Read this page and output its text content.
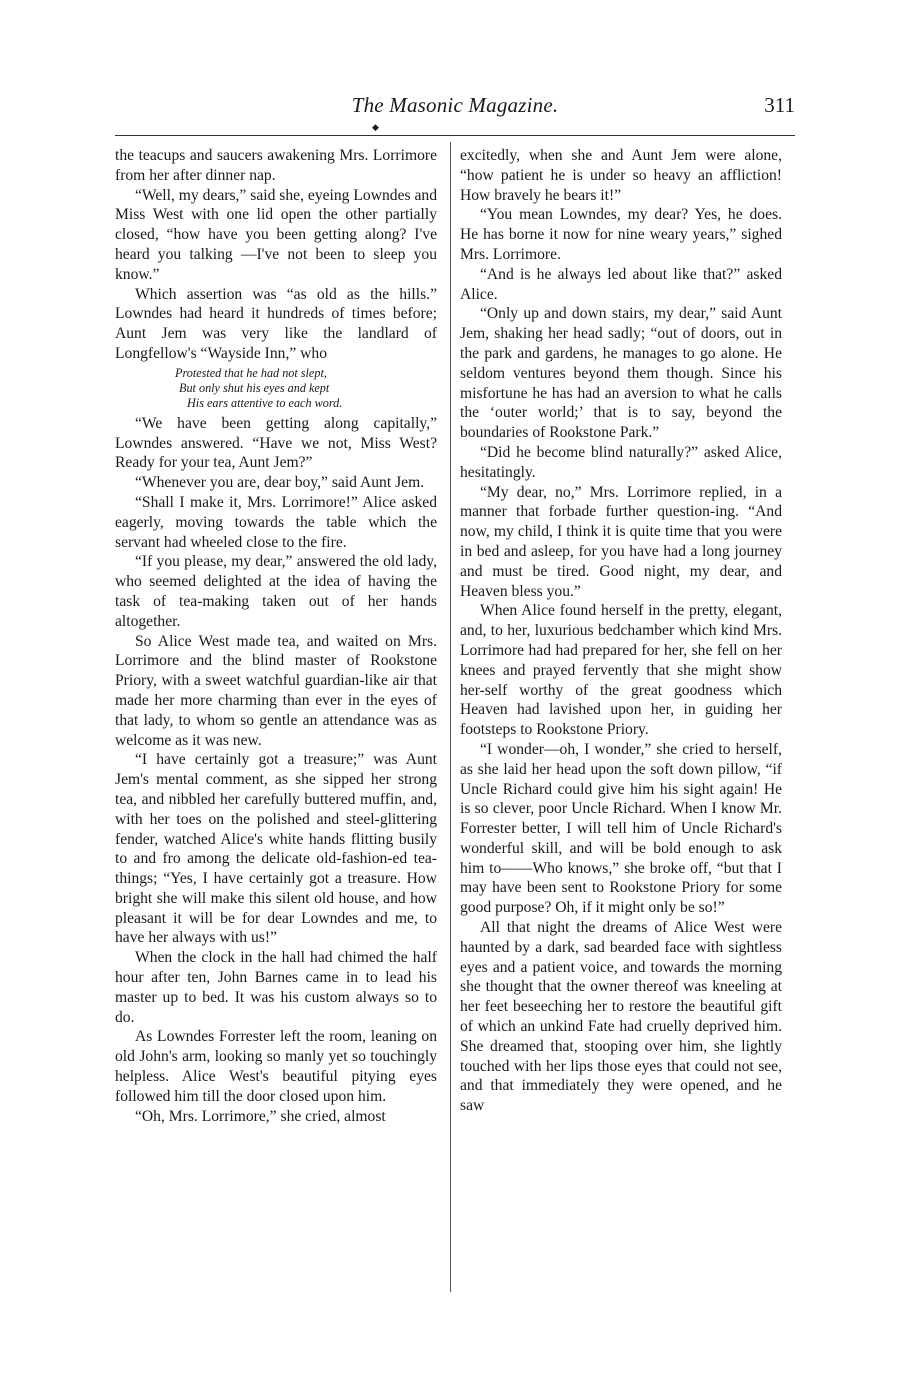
The Masonic Magazine.	311
◆

the teacups and saucers awakening Mrs. Lorrimore from her after dinner nap.

“Well, my dears,” said she, eyeing Lowndes and Miss West with one lid open the other partially closed, “how have you been getting along? I've heard you talking —I've not been to sleep you know.”

Which assertion was “as old as the hills.” Lowndes had heard it hundreds of times before; Aunt Jem was very like the landlard of Longfellow's “Wayside Inn,” who

Protested that he had not slept,
But only shut his eyes and kept
His ears attentive to each word.

“We have been getting along capitally,” Lowndes answered. “Have we not, Miss West? Ready for your tea, Aunt Jem?”

“Whenever you are, dear boy,” said Aunt Jem.

“Shall I make it, Mrs. Lorrimore!” Alice asked eagerly, moving towards the table which the servant had wheeled close to the fire.

“If you please, my dear,” answered the old lady, who seemed delighted at the idea of having the task of tea-making taken out of her hands altogether.

So Alice West made tea, and waited on Mrs. Lorrimore and the blind master of Rookstone Priory, with a sweet watchful guardian-like air that made her more charming than ever in the eyes of that lady, to whom so gentle an attendance was as welcome as it was new.

“I have certainly got a treasure;” was Aunt Jem's mental comment, as she sipped her strong tea, and nibbled her carefully buttered muffin, and, with her toes on the polished and steel-glittering fender, watched Alice's white hands flitting busily to and fro among the delicate old-fashion-ed tea-things; “Yes, I have certainly got a treasure. How bright she will make this silent old house, and how pleasant it will be for dear Lowndes and me, to have her always with us!”

When the clock in the hall had chimed the half hour after ten, John Barnes came in to lead his master up to bed. It was his custom always so to do.

As Lowndes Forrester left the room, leaning on old John's arm, looking so manly yet so touchingly helpless. Alice West's beautiful pitying eyes followed him till the door closed upon him.

“Oh, Mrs. Lorrimore,” she cried, almost

excitedly, when she and Aunt Jem were alone, “how patient he is under so heavy an affliction! How bravely he bears it!”

“You mean Lowndes, my dear? Yes, he does. He has borne it now for nine weary years,” sighed Mrs. Lorrimore.

“And is he always led about like that?” asked Alice.

“Only up and down stairs, my dear,” said Aunt Jem, shaking her head sadly; “out of doors, out in the park and gardens, he manages to go alone. He seldom ventures beyond them though. Since his misfortune he has had an aversion to what he calls the ‘outer world;’ that is to say, beyond the boundaries of Rookstone Park.”

“Did he become blind naturally?” asked Alice, hesitatingly.

“My dear, no,” Mrs. Lorrimore replied, in a manner that forbade further question-ing. “And now, my child, I think it is quite time that you were in bed and asleep, for you have had a long journey and must be tired. Good night, my dear, and Heaven bless you.”

When Alice found herself in the pretty, elegant, and, to her, luxurious bedchamber which kind Mrs. Lorrimore had had prepared for her, she fell on her knees and prayed fervently that she might show her-self worthy of the great goodness which Heaven had lavished upon her, in guiding her footsteps to Rookstone Priory.

“I wonder—oh, I wonder,” she cried to herself, as she laid her head upon the soft down pillow, “if Uncle Richard could give him his sight again! He is so clever, poor Uncle Richard. When I know Mr. Forrester better, I will tell him of Uncle Richard's wonderful skill, and will be bold enough to ask him to——Who knows,” she broke off, “but that I may have been sent to Rookstone Priory for some good purpose? Oh, if it might only be so!”

All that night the dreams of Alice West were haunted by a dark, sad bearded face with sightless eyes and a patient voice, and towards the morning she thought that the owner thereof was kneeling at her feet beseeching her to restore the beautiful gift of which an unkind Fate had cruelly deprived him. She dreamed that, stooping over him, she lightly touched with her lips those eyes that could not see, and that immediately they were opened, and he saw
